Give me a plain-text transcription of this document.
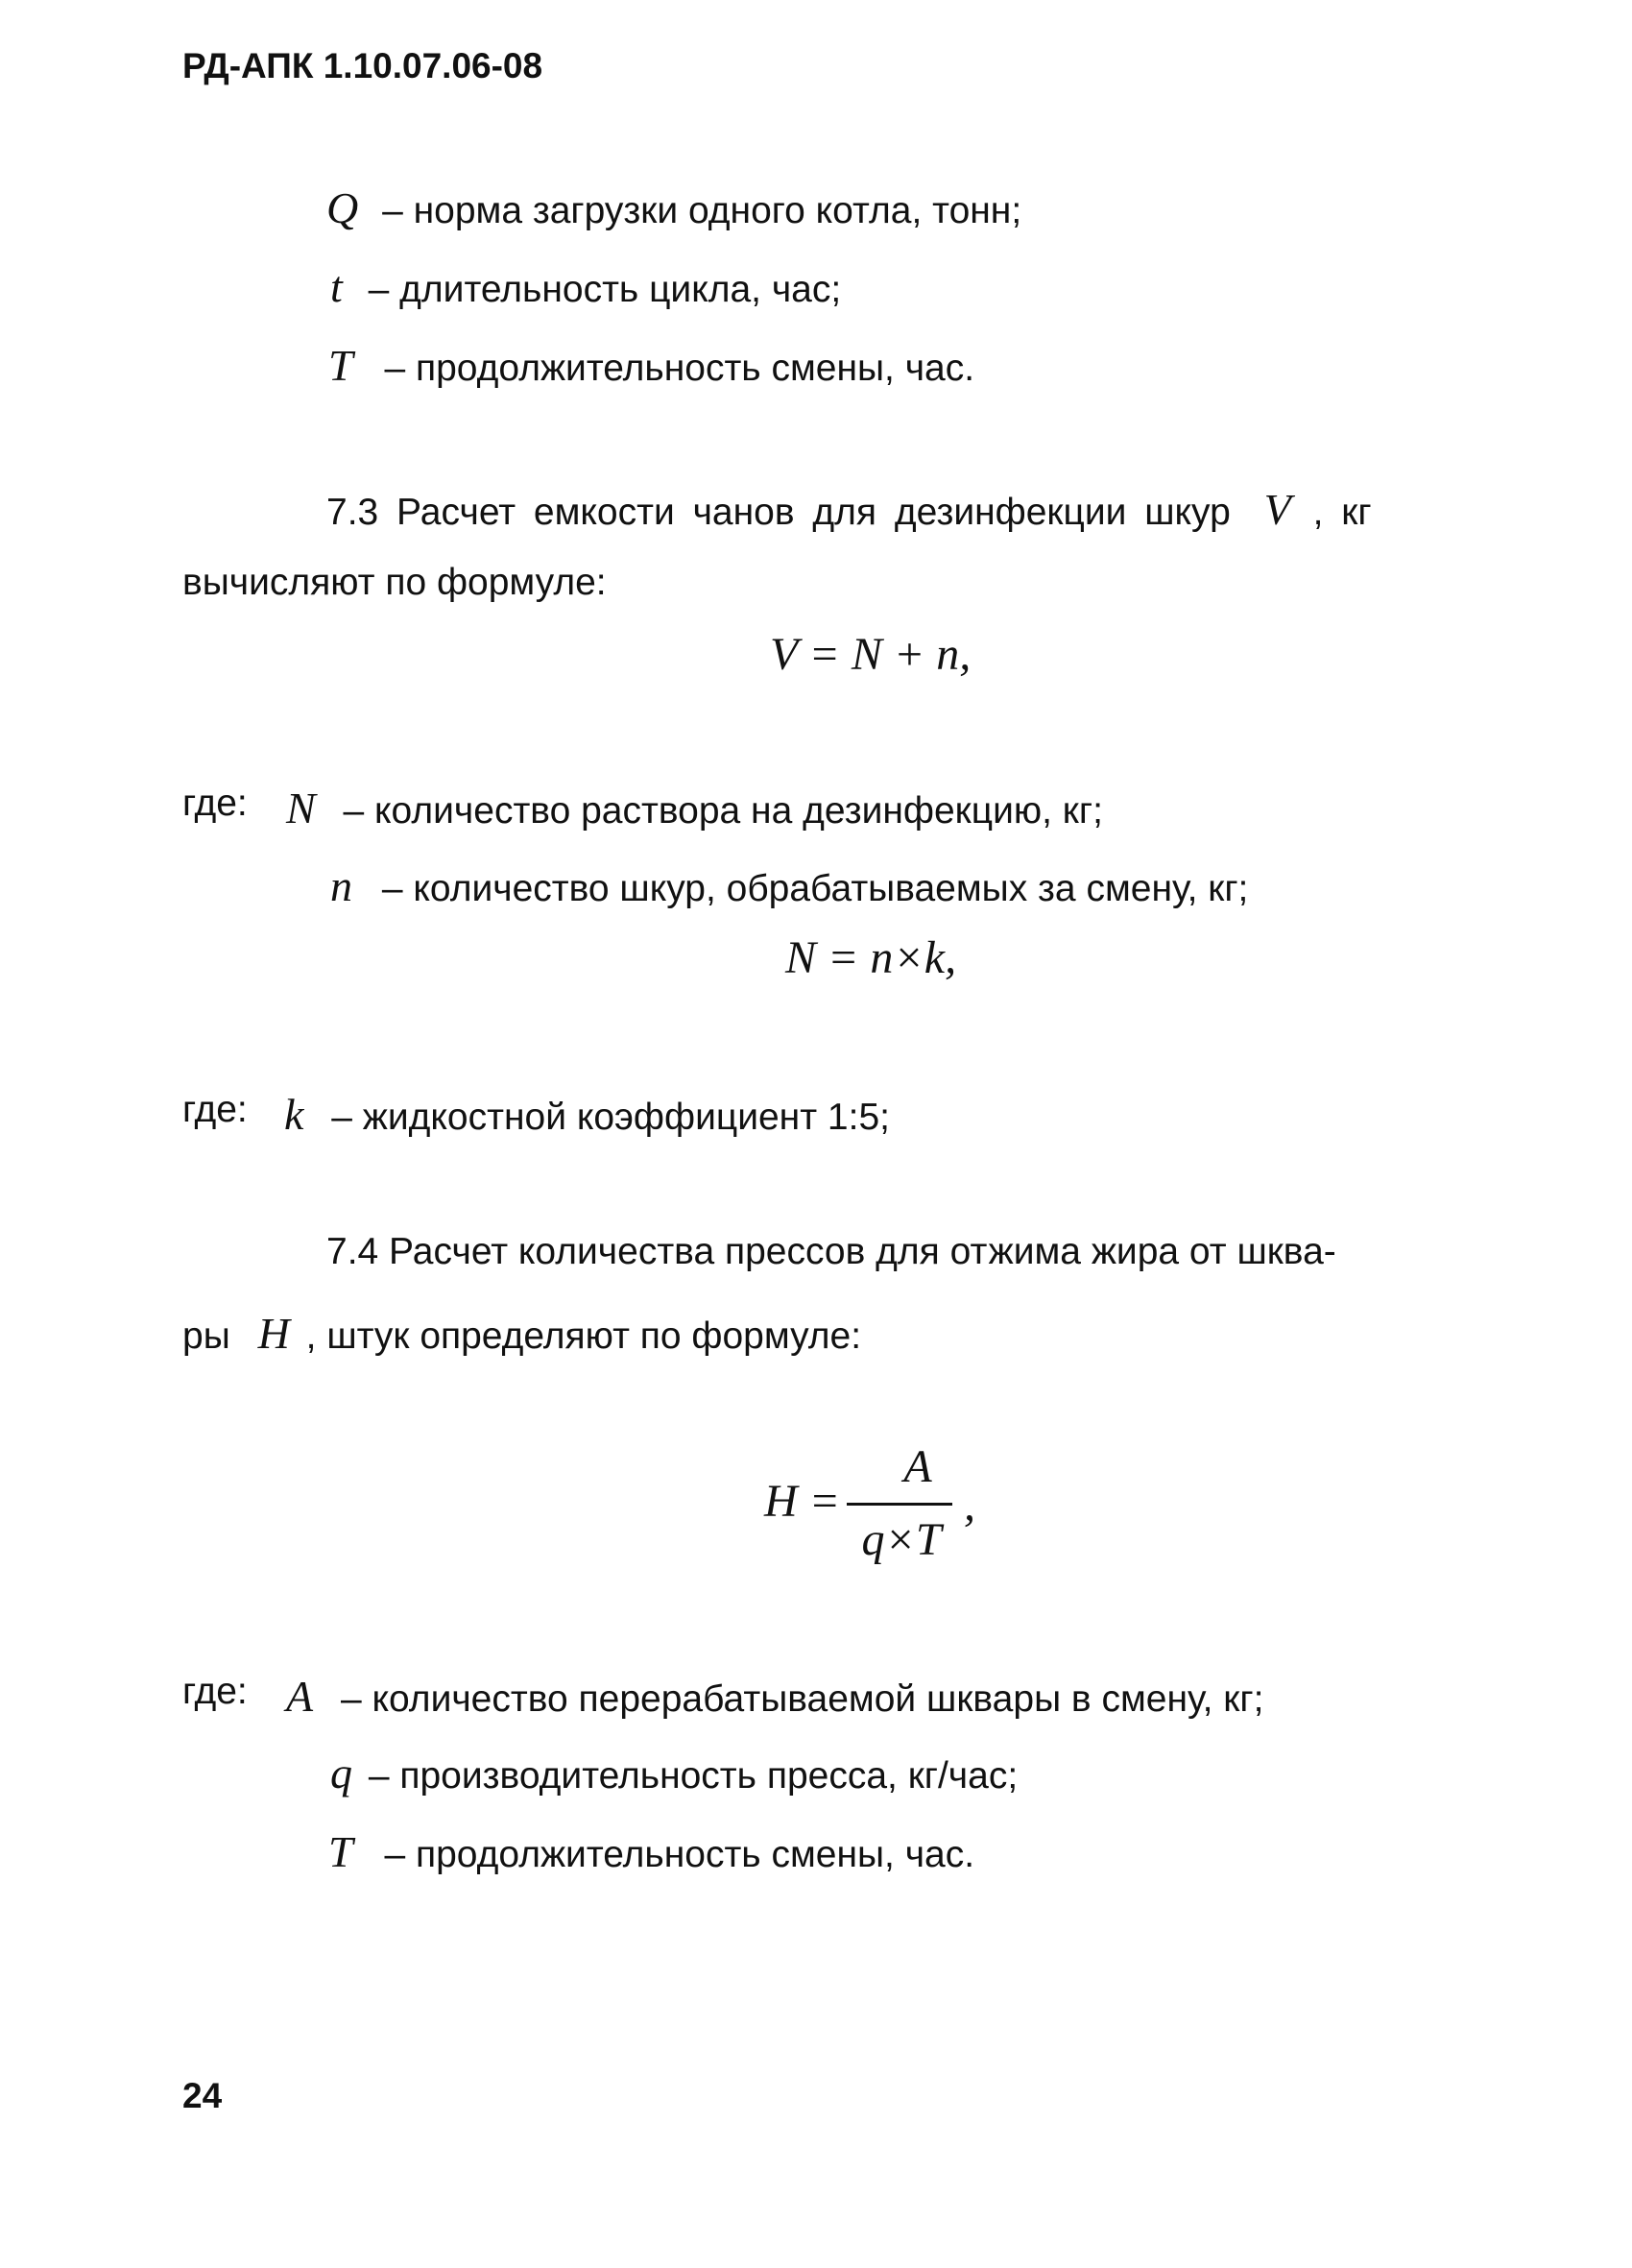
РД-АПК 1.10.07.06-08
Q – норма загрузки одного котла, тонн;
t – длительность цикла, час;
T – продолжительность смены, час.
7.3 Расчет емкости чанов для дезинфекции шкур V , кг
вычисляют по формуле:
V = N + n,
где: N – количество раствора на дезинфекцию, кг;
n – количество шкур, обрабатываемых за смену, кг;
N = n×k,
где: k – жидкостной коэффициент 1:5;
7.4 Расчет количества прессов для отжима жира от шква-
ры H , штук определяют по формуле:
H =
A
q×T
,
где: A – количество перерабатываемой шквары в смену, кг;
q – производительность пресса, кг/час;
T – продолжительность смены, час.
24
